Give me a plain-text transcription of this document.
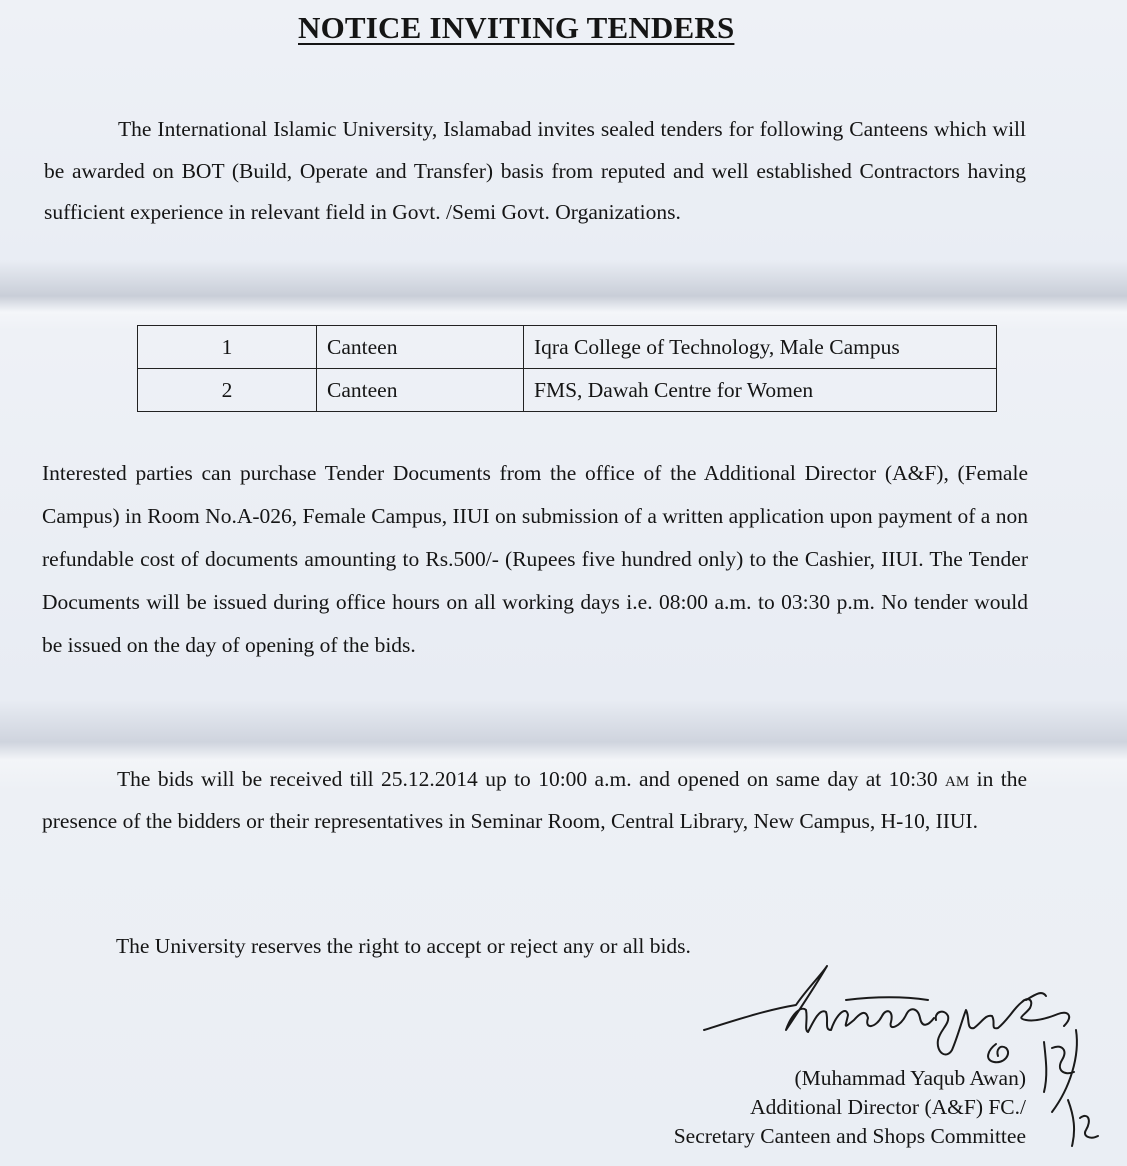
NOTICE INVITING TENDERS

The International Islamic University, Islamabad invites sealed tenders for following Canteens which will be awarded on BOT (Build, Operate and Transfer) basis from reputed and well established Contractors having sufficient experience in relevant field in Govt. /Semi Govt. Organizations.

1	Canteen	Iqra College of Technology, Male Campus
2	Canteen	FMS, Dawah Centre for Women

Interested parties can purchase Tender Documents from the office of the Additional Director (A&F), (Female Campus) in Room No.A-026, Female Campus, IIUI on submission of a written application upon payment of a non refundable cost of documents amounting to Rs.500/- (Rupees five hundred only) to the Cashier, IIUI. The Tender Documents will be issued during office hours on all working days i.e. 08:00 a.m. to 03:30 p.m. No tender would be issued on the day of opening of the bids.

The bids will be received till 25.12.2014 up to 10:00 a.m. and opened on same day at 10:30 am in the presence of the bidders or their representatives in Seminar Room, Central Library, New Campus, H-10, IIUI.

The University reserves the right to accept or reject any or all bids.

(Muhammad Yaqub Awan)
Additional Director (A&F) FC./
Secretary Canteen and Shops Committee
